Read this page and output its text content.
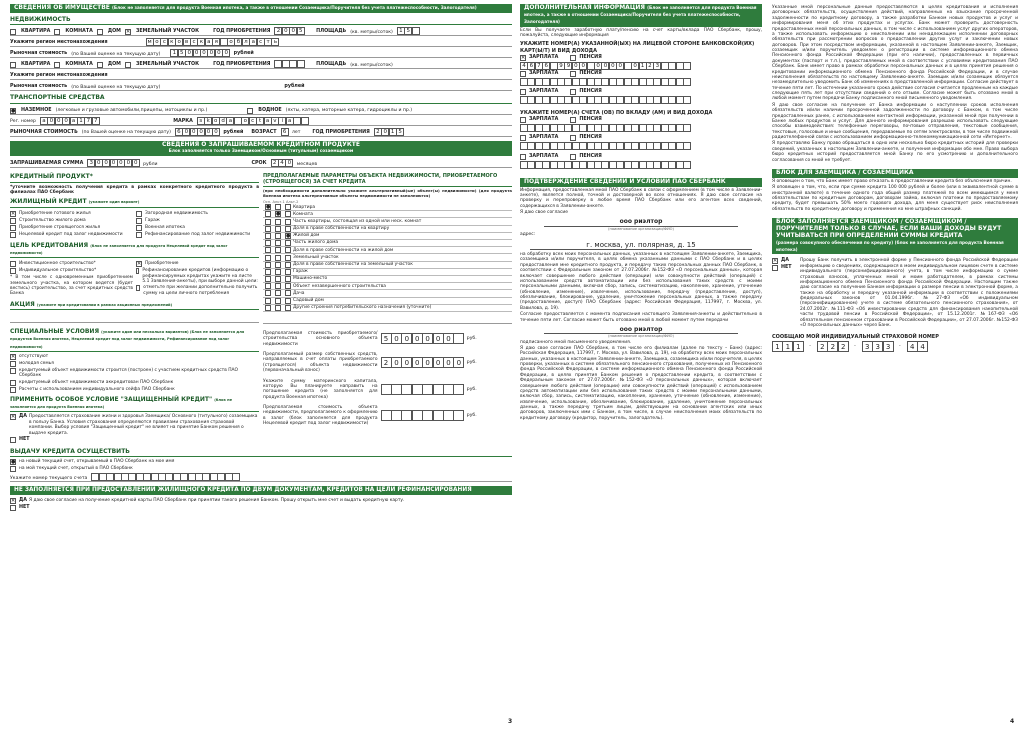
СВЕДЕНИЯ ОБ ИМУЩЕСТВЕ (Блок не заполняется для продукта Военная ипотека, а также в отношении Созаемщика/Поручителя без учета платежеспособности, Залогодателя)
НЕДВИЖИМОСТЬ
КВАРТИРА	КОМНАТА	ДОМ ✕ ЗЕМЕЛЬНЫЙ УЧАСТОК	ГОД ПРИОБРЕТЕНИЯ	2 0 0 5	ПЛОЩАДЬ (кв. метры/соток)	1 5
Укажите регион местонахождения	м о с к о в с к а я	о б л а с т ь
Рыночная стоимость (по Вашей оценке на текущую дату)	1 5 0 0 0 0 0 0	рублей
КВАРТИРА	КОМНАТА	ДОМ	ЗЕМЕЛЬНЫЙ УЧАСТОК	ГОД ПРИОБРЕТЕНИЯ	ПЛОЩАДЬ (кв. метры/соток)
Укажите регион местонахождения
Рыночная стоимость (по Вашей оценке на текущую дату)	рублей
ТРАНСПОРТНЫЕ СРЕДСТВА
● НАЗЕМНОЕ (легковые и грузовые автомобили,прицепы, мотоциклы и пр.)	ВОДНОЕ (яхты, катера, моторные катера, гидроциклы и пр.)
Рег. номер	а 0 0 0 а 1 7 7	МАРКА	s k o d a	o c t a v i a
РЫНОЧНАЯ СТОИМОСТЬ (по Вашей оценке на текущую дату)	6 0 0 0 0 0	рублей ВОЗРАСТ	6	лет	ГОД ПРИОБРЕТЕНИЯ	2 0 1 5
СВЕДЕНИЯ О ЗАПРАШИВАЕМОМ КРЕДИТНОМ ПРОДУКТЕ
Блок заполняется только Заемщиком/Основным (титульным) созаемщиком
ЗАПРАШИВАЕМАЯ СУММА	3 0 0 0 0 0 0	рубли	СРОК	2 4 0	месяцев
КРЕДИТНЫЙ ПРОДУКТ*
*уточните возможность получения кредита в рамках конкретного кредитного продукта в филиалах ПАО Сбербанк
ЖИЛИЩНЫЙ КРЕДИТ (укажите один вариант)
✕ Приобретение готового жилья
Строительство жилого дома
Приобретение строящегося жилья
Нецелевой кредит под залог недвижимости
Загородная недвижимость
Гараж
Военная ипотека
Рефинансирование под залог недвижимости
ЦЕЛЬ КРЕДИТОВАНИЯ (блок не заполняется для продукта Нецелевой кредит под залог недвижимости)
Инвестиционное строительство*
Индивидуальное строительство*
* В том числе с одновременным приобретением земельного участка, на котором ведется (будет вестись) строительство, за счет кредитных средств Банка
✕ Приобретение
Рефинансирование кредитов (информацию о рефинансируемых кредитах укажите на листе 5.1 Заявления-анкеты), при выборе данной цели:
отметьте при желании дополнительно получить сумму на цели личного потребления
АКЦИЯ (укажите при кредитовании в рамках акционных предложений)
СПЕЦИАЛЬНЫЕ УСЛОВИЯ (укажите один или несколько вариантов) (Блок не заполняется для продуктов Военная ипотека, Нецелевой кредит под залог недвижимости, Рефинансирование под залог недвижимости)
✕ отсутствуют
молодая семья
кредитуемый объект недвижимости строится (построен) с участием кредитных средств ПАО Сбербанк
кредитуемый объект недвижимости аккредитован ПАО Сбербанк
Расчеты с использованием индивидуального сейфа ПАО Сбербанк
ПРИМЕНИТЬ ОСОБОЕ УСЛОВИЕ "ЗАЩИЩЕННЫЙ КРЕДИТ" (блок не заполняется для продукта Военная ипотека)
✕ ДА Предоставляется страхование жизни и здоровья Заемщика/ Основного (титульного) созаемщика в пользу Банка. Условия страхования определяются правилами страхования страховой компании. Выбор условия "Защищенный кредит" не влияет на принятие Банком решения о выдаче кредита.
НЕТ
ПРЕДПОЛАГАЕМЫЕ ПАРАМЕТРЫ ОБЪЕКТА НЕДВИЖИМОСТИ, ПРИОБРЕТАЕМОГО (СТРОЯЩЕГОСЯ) ЗА СЧЕТ КРЕДИТА
(при необходимости дополнительно укажите альтернативный(ые) объект(ы) недвижимости) (для продукта Военная ипотека альтернативные объекты недвижимости не заполняются)
Осн. Альт.1 Альт.2
●	Квартира
●	Комната
Часть квартиры, состоящая из одной или неск. комнат
Доля в праве собственности на квартиру
● Жилой дом
Часть жилого дома
Доля в праве собственности на жилой дом
Земельный участок
Доля в праве собственности на земельный участок
Гараж
Машино-место
Объект незавершенного строительства
Дача
Садовый дом
Другие строения потребительского назначения (уточните)
Предполагаемая стоимость приобретаемого/строительства основного объекта недвижимости
5 0 0 0 0 0 0	руб.
Предполагаемый размер собственных средств, направляемых в счет оплаты приобретаемого (строящегося) объекта недвижимости (первоначальный взнос)
2 0 0 0 0 0 0 0	руб.
Укажите сумму материнского капитала, которую Вы планируете направить на погашение кредита (не заполняется для продукта Военная ипотека)
руб.
Предполагаемая стоимость объекта недвижимости, предполагаемого к оформлению в залог (блок заполняется для продукта Нецелевой кредит под залог недвижимости)
руб.
ВЫДАЧУ КРЕДИТА ОСУЩЕСТВИТЬ
● на новый текущий счет, открываемый в ПАО Сбербанк на мое имя
на мой текущий счет, открытый в ПАО Сбербанк
Укажите номер текущего счета
НЕ ЗАПОЛНЯЕТСЯ ПРИ ПРЕДОСТАВЛЕНИИ ЖИЛИЩНОГО КРЕДИТА ПО ДВУМ ДОКУМЕНТАМ, КРЕДИТОВ НА ЦЕЛИ РЕФИНАНСИРОВАНИЯ
✕ ДА Я даю свое согласие на получение кредитной карты ПАО Сбербанк при принятии такого решения Банком. Прошу открыть мне счет и выдать кредитную карту.
НЕТ
ДОПОЛНИТЕЛЬНАЯ ИНФОРМАЦИЯ (Блок не заполняется для продукта Военная ипотека, а также в отношении Созаемщика/Поручителя без учета платежеспособности, Залогодателя)
Если Вы получаете заработную плату/пенсию на счет карты/вклада ПАО Сбербанк, прошу, пожалуйста, следующие информация
УКАЖИТЕ НОМЕР(А) УКАЗАННОЙ(ЫХ) НА ЛИЦЕВОЙ СТОРОНЕ БАНКОВСКОЙ(ИХ) КАРТ(Ы/Т) И ВИД ДОХОДА
✕ ЗАРПЛАТА	ПЕНСИЯ
4 6 7 6	9 9 0 0	0 0 0 0	0 1 2 3
ЗАРПЛАТА	ПЕНСИЯ
ЗАРПЛАТА	ПЕНСИЯ
УКАЖИТЕ НОМЕР(А) СЧЕТА (ОВ) ПО ВКЛАДУ (АМ) И ВИД ДОХОДА
ЗАРПЛАТА	ПЕНСИЯ
ЗАРПЛАТА	ПЕНСИЯ
ЗАРПЛАТА	ПЕНСИЯ
ПОДТВЕРЖДЕНИЕ СВЕДЕНИЙ И УСЛОВИЙ ПАО СБЕРБАНК
Информация, предоставленная мной ПАО Сбербанк в связи с оформлением (в том числе в Заявлении-анкете), является полной, точной и достоверной во всех отношениях. Я даю свое согласие на проверку и перепроверку в любое время ПАО Сбербанк или его агентом всех сведений, содержащихся в Заявлении-анкете.
Я даю свое согласие
ооо риэлтор
(наименование организации/ФИО)
адрес:
г. москва, ул. полярная, д. 15
на обработку всех моих персональных данных, указанных в настоящем Заявлении-анкете, Заемщика, созаемщика и/или поручителя, в целях обмена указанными данными с ПАО Сбербанк и в целях предоставления мне кредитного продукта, и передачу таких персональных данных ПАО Сбербанк, в соответствии с Федеральным законом от 27.07.2006г. №152-ФЗ «О персональных данных», которая включает совершение любого действия (операции) или совокупности действий (операций) с использованием средств автоматизации или без использования таких средств с моими персональными данными, включая сбор, запись, систематизацию, накопление, хранение, уточнение (обновление, изменение), извлечение, использование, передачу (предоставление, доступ), обезличивание, блокирование, удаление, уничтожение персональных данных, а также передачу (предоставление, доступ) ПАО Сбербанк (адрес: Российская Федерация, 117997, г. Москва, ул. Вавилова, д. 19).
Согласие предоставляется с момента подписания настоящего Заявления-анкеты и действительно в течение пяти лет. Согласие может быть отозвано мной в любой момент путем передачи
ооо риэлтор
(наименование организации/ФИО)
подписанного мной письменного уведомления.
Я даю свое согласие ПАО Сбербанк, в том числе его филиалам (далее по тексту – Банк) (адрес: Российская Федерация, 117997, г. Москва, ул. Вавилова, д. 19), на обработку всех моих персональных данных, указанных в настоящем Заявлении-анкете, Заемщика, созаемщика и/или поручителя, в целях проверки, указанных в системе обязательного пенсионного страхования, полученных из Пенсионного фонда Российской Федерации, в системе информационного обмена Пенсионного фонда Российской Федерации, в целях принятия Банком решения о предоставлении кредита, в соответствии с Федеральным законом от 27.07.2006г. №152-ФЗ «О персональных данных», которая включает совершение любого действия (операции) или совокупности действий (операций) с использованием средств автоматизации или без использования таких средств с моими персональными данными, включая сбор, запись, систематизацию, накопление, хранение, уточнение (обновление, изменение), извлечение, использование, обезличивание, блокирование, удаление, уничтожение персональных данных, а также передачу третьим лицам, действующим на основании агентских или иных договоров, заключенных ими с Банком, в том числе, в случае неисполнения моих обязательств по кредитному договору (кредитор, поручитель, залогодатель).
Указанные мной персональные данные предоставляются в целях кредитования и исполнения договорных обязательств, осуществления действий, направленных на взыскание просроченной задолженности по кредитному договору, а также разработки Банком новых продуктов и услуг и информирования меня об этих продуктах и услугах. Банк может проверить достоверность предоставленных мной персональных данных, в том числе с использованием услуг других операторов, а также использовать информацию о неисполнении или ненадлежащем исполнении договорных обязательств при рассмотрении вопросов о предоставлении других услуг и заключении новых договоров. При этом посредством информации, указанной в настоящем Заявлении-анкете, Заемщик, созаемщик и/или поручитель уведомлен о регистрации в системе информационного обмена Пенсионного фонда Российской Федерации (при его наличии), предоставленных в первичных документах (паспорт и т.п.), предоставляемых мной в соответствии с условиями кредитования ПАО Сбербанк. Банк имеет право в рамках обработки персональных данных и в целях принятия решения о кредитовании информационного обмена Пенсионного фонда Российской Федерации, и в случае неисполнения обязательств по настоящему Заявлению-анкете. Заемщик и/или созаемщик обязуется незамедлительно уведомить Банк об изменениях в представленной информации. Согласие действует в течение пяти лет. По истечении указанного срока действие согласия считается продленным на каждые следующие пять лет при отсутствии сведений о его отзыве. Согласие может быть отозвано мной в любой момент путем передачи Банку подписанного мной письменного уведомления.
Я даю свое согласие на получение от Банка информации о наступлении сроков исполнения обязательств и/или наличии просроченной задолженности по договору с Банком, в том числе предоставленных ранее, с использованием контактной информации, указанной мной при получении в Банке любых продуктов и услуг. Для данного информирования разрешаю использовать следующие способы взаимодействия: телефонные переговоры, почтовые отправления, текстовые сообщения, текстовые, голосовые и иные сообщения, передаваемые по сетям электросвязи, в том числе подвижной радиотелефонной связи с использованием информационно-телекоммуникационной сети «Интернет».
Я предоставляю Банку право обращаться в одно или несколько бюро кредитных историй для проверки сведений, указанных в настоящем Заявлении-анкете, и получения информации обо мне. Право выбора бюро кредитных историй предоставляется мной Банку по его усмотрению и дополнительного согласования со мной не требует.
БЛОК ДЛЯ ЗАЕМЩИКА / СОЗАЕМЩИКА
Я оповещен о том, что Банк имеет право отказать в предоставлении кредита без объяснения причин.
Я оповещен о том, что, если при сумме кредита 100 000 рублей и более (или в эквивалентной сумме в иностранной валюте) в течение одного года общий размер платежей по всем имеющимся у меня обязательствам по кредитным договорам, договорам займа, включая платежи по предоставляемому кредиту, будет превышать 50% моего годового дохода, для меня существует риск неисполнения обязательств по кредитному договору и применения ко мне штрафных санкций.
БЛОК ЗАПОЛНЯЕТСЯ ЗАЕМЩИКОМ / СОЗАЕМЩИКОМ / ПОРУЧИТЕЛЕМ ТОЛЬКО В СЛУЧАЕ, ЕСЛИ ВАШИ ДОХОДЫ БУДУТ УЧИТЫВАТЬСЯ ПРИ ОПРЕДЕЛЕНИИ СУММЫ КРЕДИТА
(размера совокупного обеспечения по кредиту) (блок не заполняется для продукта Военная ипотека)
✕ ДА
НЕТ
Прошу Банк получить в электронной форме у Пенсионного фонда Российской Федерации информацию о сведениях, содержащихся в моем индивидуальном лицевом счете в системе индивидуального (персонифицированного) учета, в том числе информацию о сумме страховых взносов, уплаченных мной и моим работодателем, в рамках системы информационного обмена Пенсионного фонда Российской Федерации. Настоящим также даю согласие на получение Банком информации о размере пенсии в электронной форме, а также на обработку и передачу указанной информации в соответствии с положениями федеральных законов от 01.04.1996г. №27-ФЗ «Об индивидуальном (персонифицированном) учете в системе обязательного пенсионного страхования», от 24.07.2002г. №111-ФЗ «Об инвестировании средств для финансирования накопительной части трудовой пенсии в Российской Федерации», от 15.12.2001г. №167-ФЗ «Об обязательном пенсионном страховании в Российской Федерации», от 27.07.2006г. №152-ФЗ «О персональных данных» через Банк.
СООБЩАЮ МОЙ ИНДИВИДУАЛЬНЫЙ СТРАХОВОЙ НОМЕР
1 1 1	-	2 2 2	-	3 3 3	-	4 4
3	4
